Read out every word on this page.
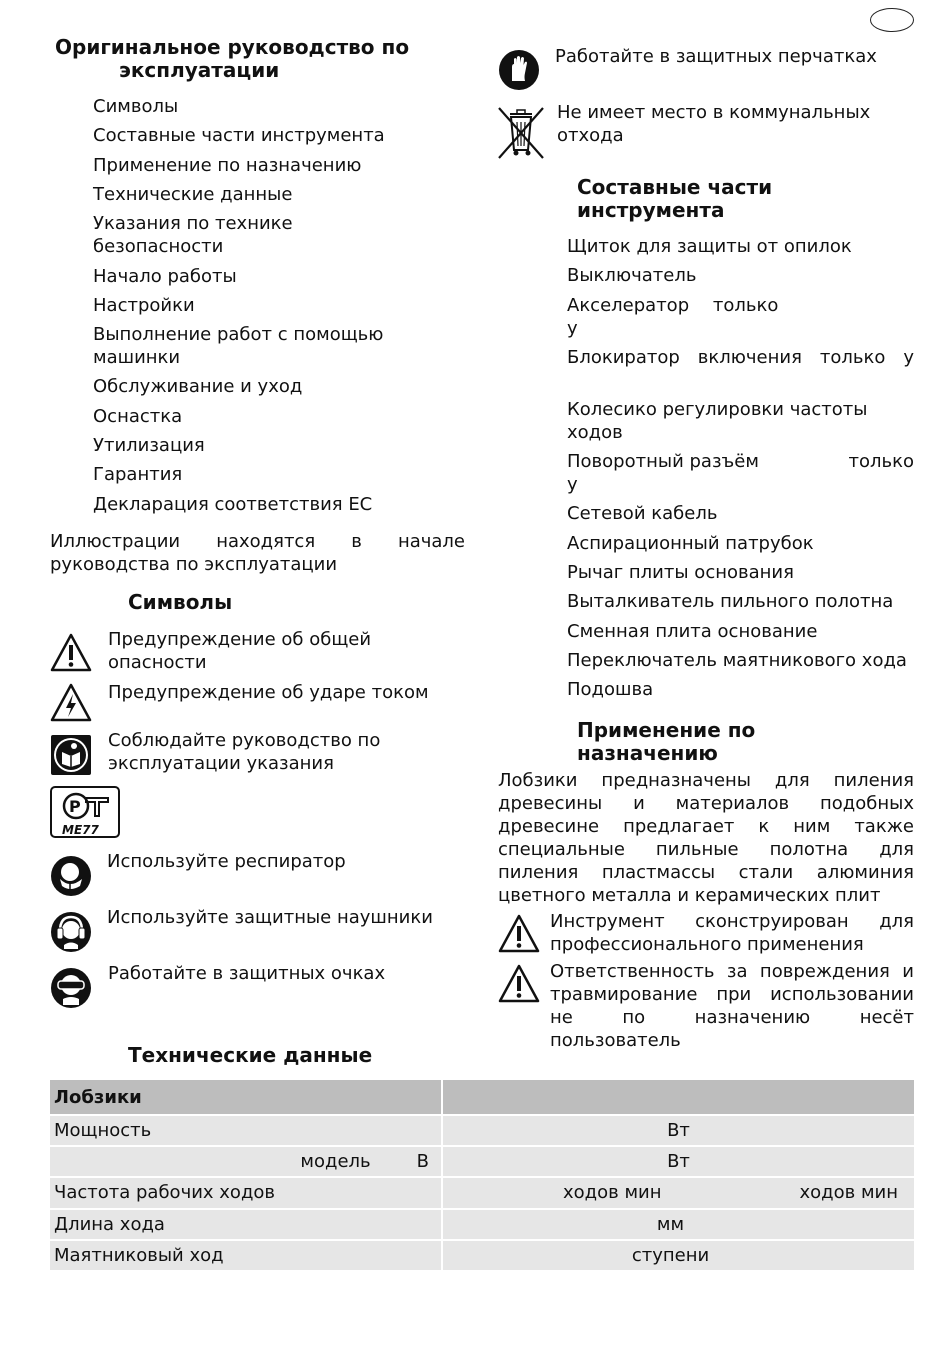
Оригинальное руководство по
эксплуатации
Символы
Составные части инструмента
Применение по назначению
Технические данные
Указания по технике безопасности
Начало работы
Настройки
Выполнение работ с помощью машинки
Обслуживание и уход
Оснастка
Утилизация
Гарантия
Декларация соответствия ЕС
Иллюстрации находятся в начале руководства по эксплуатации
Символы
Предупреждение об общей опасности
Предупреждение об ударе током
Соблюдайте руководство по эксплуатации указания
Р
ME77
Используйте респиратор
Используйте защитные наушники
Работайте в защитных очках
Работайте в защитных перчатках
Не имеет место в коммунальных отхода
Составные части инструмента
Щиток для защиты от опилок
Выключатель
Акселератор только у
Блокиратор включения только у
Колесико регулировки частоты ходов
Поворотный разъём	только
у
Сетевой кабель
Аспирационный патрубок
Рычаг плиты основания
Выталкиватель пильного полотна
Сменная плита основание
Переключатель маятникового хода
Подошва
Применение по назначению
Лобзики предназначены для пиления древесины и материалов подобных древесине предлагает к ним также специальные пильные полотна для пиления пластмассы стали алюминия цветного металла и керамических плит
Инструмент сконструирован для профессионального применения
Ответственность за повреждения и травмирование при использовании не по назначению несёт пользователь
Технические данные
Лобзики	
Мощность	Вт

модель В	Вт
Частота рабочих ходов	ходов мин ходов мин

Длина хода	мм
Маятниковый ход	ступени
